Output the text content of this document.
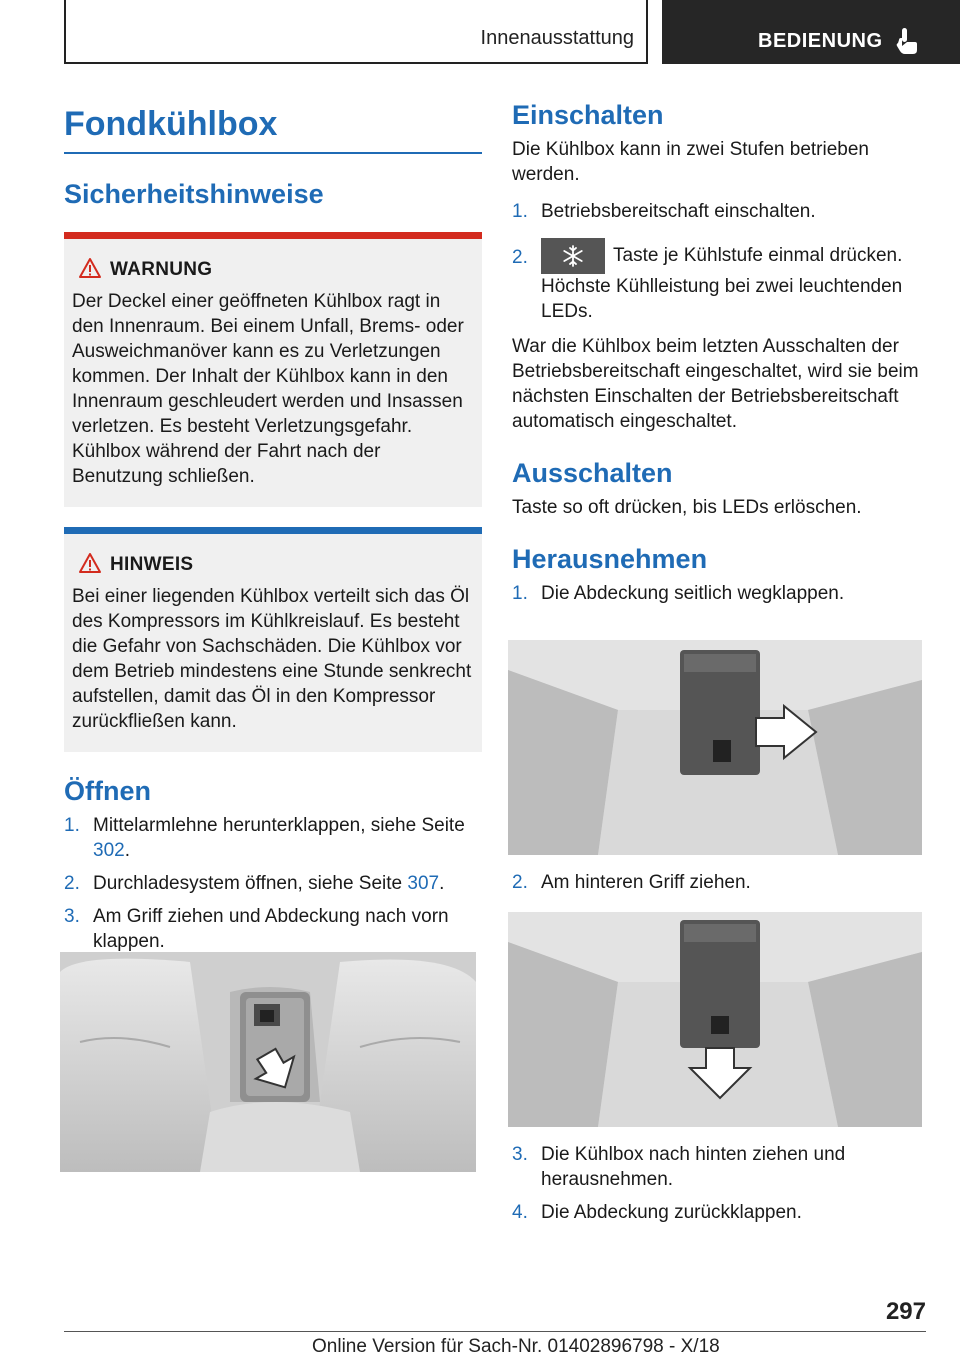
Innenausstattung	BEDIENUNG
Fondkühlbox
Sicherheitshinweise
WARNUNG

Der Deckel einer geöffneten Kühlbox ragt in den Innenraum. Bei einem Unfall, Brems- oder Ausweichmanöver kann es zu Verletzungen kommen. Der Inhalt der Kühlbox kann in den Innenraum geschleudert werden und Insassen verletzen. Es besteht Verletzungsgefahr. Kühlbox während der Fahrt nach der Benutzung schließen.

HINWEIS

Bei einer liegenden Kühlbox verteilt sich das Öl des Kompressors im Kühlkreislauf. Es besteht die Gefahr von Sachschäden. Die Kühlbox vor dem Betrieb mindestens eine Stunde senkrecht aufstellen, damit das Öl in den Kompressor zurückfließen kann.

Öffnen
1. Mittelarmlehne herunterklappen, siehe Seite 302.
2. Durchladesystem öffnen, siehe Seite 307.
3. Am Griff ziehen und Abdeckung nach vorn klappen.
Einschalten

Die Kühlbox kann in zwei Stufen betrieben werden.

1. Betriebsbereitschaft einschalten.
2.	Taste je Kühlstufe einmal drücken.
Höchste Kühlleistung bei zwei leuchtenden LEDs.

War die Kühlbox beim letzten Ausschalten der Betriebsbereitschaft eingeschaltet, wird sie beim nächsten Einschalten der Betriebsbereitschaft automatisch eingeschaltet.

Ausschalten

Taste so oft drücken, bis LEDs erlöschen.

Herausnehmen
1. Die Abdeckung seitlich wegklappen.
2. Am hinteren Griff ziehen.
3. Die Kühlbox nach hinten ziehen und herausnehmen.
4. Die Abdeckung zurückklappen.
297
Online Version für Sach-Nr. 01402896798 - X/18
